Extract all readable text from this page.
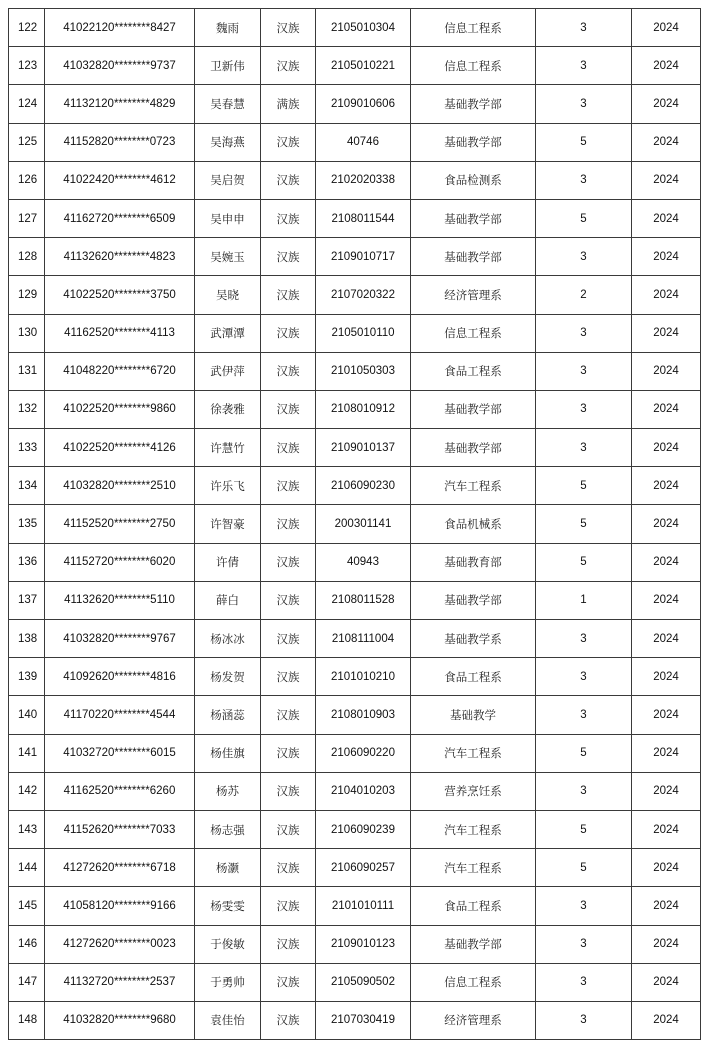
122	41022120********8427	魏雨	汉族	2105010304	信息工程系	3	2024
123	41032820********9737	卫新伟	汉族	2105010221	信息工程系	3	2024
124	41132120********4829	吴春慧	满族	2109010606	基础教学部	3	2024
125	41152820********0723	吴海燕	汉族	40746	基础教学部	5	2024
126	41022420********4612	吴启贺	汉族	2102020338	食品检测系	3	2024
127	41162720********6509	吴申申	汉族	2108011544	基础教学部	5	2024
128	41132620********4823	吴婉玉	汉族	2109010717	基础教学部	3	2024
129	41022520********3750	吴晓	汉族	2107020322	经济管理系	2	2024
130	41162520********4113	武潭潭	汉族	2105010110	信息工程系	3	2024
131	41048220********6720	武伊萍	汉族	2101050303	食品工程系	3	2024
132	41022520********9860	徐袭雅	汉族	2108010912	基础教学部	3	2024
133	41022520********4126	许慧竹	汉族	2109010137	基础教学部	3	2024
134	41032820********2510	许乐飞	汉族	2106090230	汽车工程系	5	2024
135	41152520********2750	许智豪	汉族	200301141	食品机械系	5	2024
136	41152720********6020	许倩	汉族	40943	基础教育部	5	2024
137	41132620********5110	薛白	汉族	2108011528	基础教学部	1	2024
138	41032820********9767	杨冰冰	汉族	2108111004	基础教学系	3	2024
139	41092620********4816	杨发贺	汉族	2101010210	食品工程系	3	2024
140	41170220********4544	杨涵蕊	汉族	2108010903	基础教学	3	2024
141	41032720********6015	杨佳旗	汉族	2106090220	汽车工程系	5	2024
142	41162520********6260	杨苏	汉族	2104010203	营养烹饪系	3	2024
143	41152620********7033	杨志强	汉族	2106090239	汽车工程系	5	2024
144	41272620********6718	杨灏	汉族	2106090257	汽车工程系	5	2024
145	41058120********9166	杨雯雯	汉族	2101010111	食品工程系	3	2024
146	41272620********0023	于俊敏	汉族	2109010123	基础教学部	3	2024
147	41132720********2537	于勇帅	汉族	2105090502	信息工程系	3	2024
148	41032820********9680	袁佳怡	汉族	2107030419	经济管理系	3	2024
